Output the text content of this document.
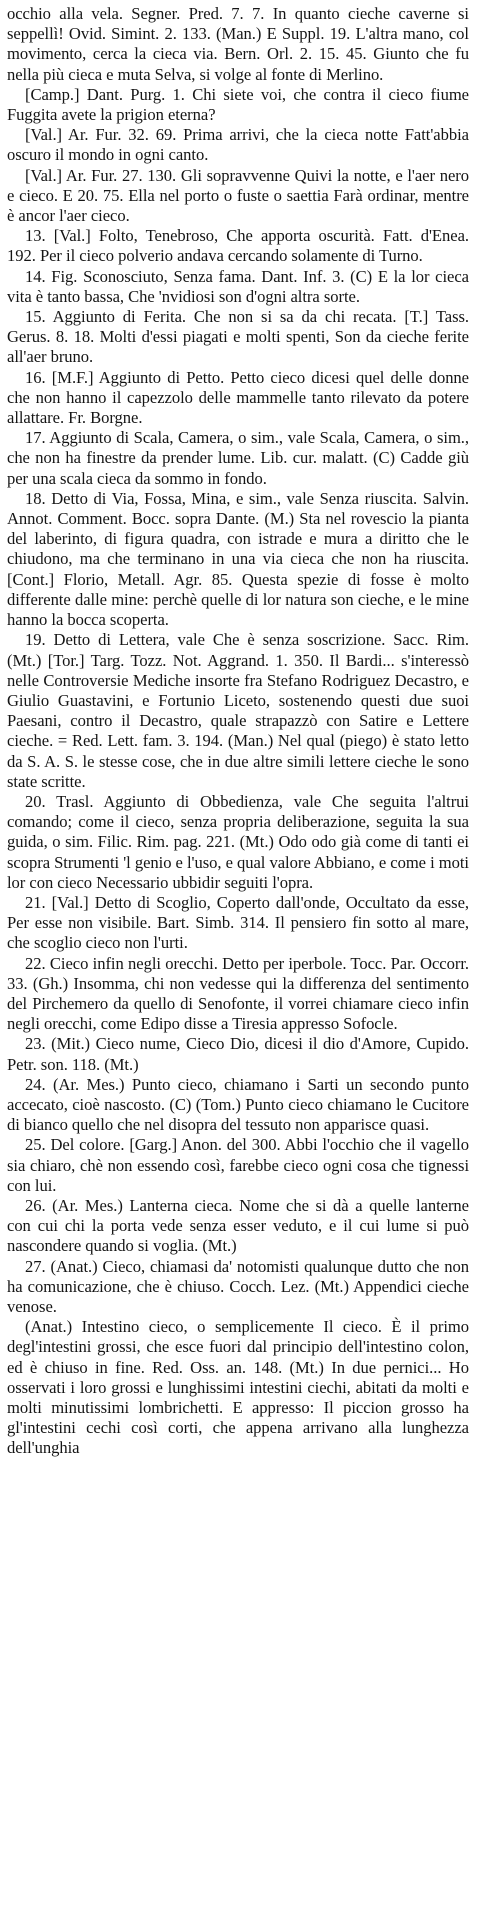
occhio alla vela. Segner. Pred. 7. 7. In quanto cieche caverne si seppellì! Ovid. Simint. 2. 133. (Man.) E Suppl. 19. L'altra mano, col movimento, cerca la cieca via. Bern. Orl. 2. 15. 45. Giunto che fu nella più cieca e muta Selva, si volge al fonte di Merlino.

[Camp.] Dant. Purg. 1. Chi siete voi, che contra il cieco fiume Fuggita avete la prigion eterna?

[Val.] Ar. Fur. 32. 69. Prima arrivi, che la cieca notte Fatt'abbia oscuro il mondo in ogni canto.

[Val.] Ar. Fur. 27. 130. Gli sopravvenne Quivi la notte, e l'aer nero e cieco. E 20. 75. Ella nel porto o fuste o saettia Farà ordinar, mentre è ancor l'aer cieco.

13. [Val.] Folto, Tenebroso, Che apporta oscurità. Fatt. d'Enea. 192. Per il cieco polverio andava cercando solamente di Turno.

14. Fig. Sconosciuto, Senza fama. Dant. Inf. 3. (C) E la lor cieca vita è tanto bassa, Che 'nvidiosi son d'ogni altra sorte.

15. Aggiunto di Ferita. Che non si sa da chi recata. [T.] Tass. Gerus. 8. 18. Molti d'essi piagati e molti spenti, Son da cieche ferite all'aer bruno.

16. [M.F.] Aggiunto di Petto. Petto cieco dicesi quel delle donne che non hanno il capezzolo delle mammelle tanto rilevato da potere allattare. Fr. Borgne.

17. Aggiunto di Scala, Camera, o sim., vale Scala, Camera, o sim., che non ha finestre da prender lume. Lib. cur. malatt. (C) Cadde giù per una scala cieca da sommo in fondo.

18. Detto di Via, Fossa, Mina, e sim., vale Senza riuscita. Salvin. Annot. Comment. Bocc. sopra Dante. (M.) Sta nel rovescio la pianta del laberinto, di figura quadra, con istrade e mura a diritto che le chiudono, ma che terminano in una via cieca che non ha riuscita. [Cont.] Florio, Metall. Agr. 85. Questa spezie di fosse è molto differente dalle mine: perchè quelle di lor natura son cieche, e le mine hanno la bocca scoperta.

19. Detto di Lettera, vale Che è senza soscrizione. Sacc. Rim. (Mt.) [Tor.] Targ. Tozz. Not. Aggrand. 1. 350. Il Bardi... s'interessò nelle Controversie Mediche insorte fra Stefano Rodriguez Decastro, e Giulio Guastavini, e Fortunio Liceto, sostenendo questi due suoi Paesani, contro il Decastro, quale strapazzò con Satire e Lettere cieche. = Red. Lett. fam. 3. 194. (Man.) Nel qual (piego) è stato letto da S. A. S. le stesse cose, che in due altre simili lettere cieche le sono state scritte.

20. Trasl. Aggiunto di Obbedienza, vale Che seguita l'altrui comando; come il cieco, senza propria deliberazione, seguita la sua guida, o sim. Filic. Rim. pag. 221. (Mt.) Odo odo già come di tanti ei scopra Strumenti 'l genio e l'uso, e qual valore Abbiano, e come i moti lor con cieco Necessario ubbidir seguiti l'opra.

21. [Val.] Detto di Scoglio, Coperto dall'onde, Occultato da esse, Per esse non visibile. Bart. Simb. 314. Il pensiero fin sotto al mare, che scoglio cieco non l'urti.

22. Cieco infin negli orecchi. Detto per iperbole. Tocc. Par. Occorr. 33. (Gh.) Insomma, chi non vedesse qui la differenza del sentimento del Pirchemero da quello di Senofonte, il vorrei chiamare cieco infin negli orecchi, come Edipo disse a Tiresia appresso Sofocle.

23. (Mit.) Cieco nume, Cieco Dio, dicesi il dio d'Amore, Cupido. Petr. son. 118. (Mt.)

24. (Ar. Mes.) Punto cieco, chiamano i Sarti un secondo punto accecato, cioè nascosto. (C) (Tom.) Punto cieco chiamano le Cucitore di bianco quello che nel disopra del tessuto non apparisce quasi.

25. Del colore. [Garg.] Anon. del 300. Abbi l'occhio che il vagello sia chiaro, chè non essendo così, farebbe cieco ogni cosa che tignessi con lui.

26. (Ar. Mes.) Lanterna cieca. Nome che si dà a quelle lanterne con cui chi la porta vede senza esser veduto, e il cui lume si può nascondere quando si voglia. (Mt.)

27. (Anat.) Cieco, chiamasi da' notomisti qualunque dutto che non ha comunicazione, che è chiuso. Cocch. Lez. (Mt.) Appendici cieche venose.

(Anat.) Intestino cieco, o semplicemente Il cieco. È il primo degl'intestini grossi, che esce fuori dal principio dell'intestino colon, ed è chiuso in fine. Red. Oss. an. 148. (Mt.) In due pernici... Ho osservati i loro grossi e lunghissimi intestini ciechi, abitati da molti e molti minutissimi lombrichetti. E appresso: Il piccion grosso ha gl'intestini cechi così corti, che appena arrivano alla lunghezza dell'unghia
